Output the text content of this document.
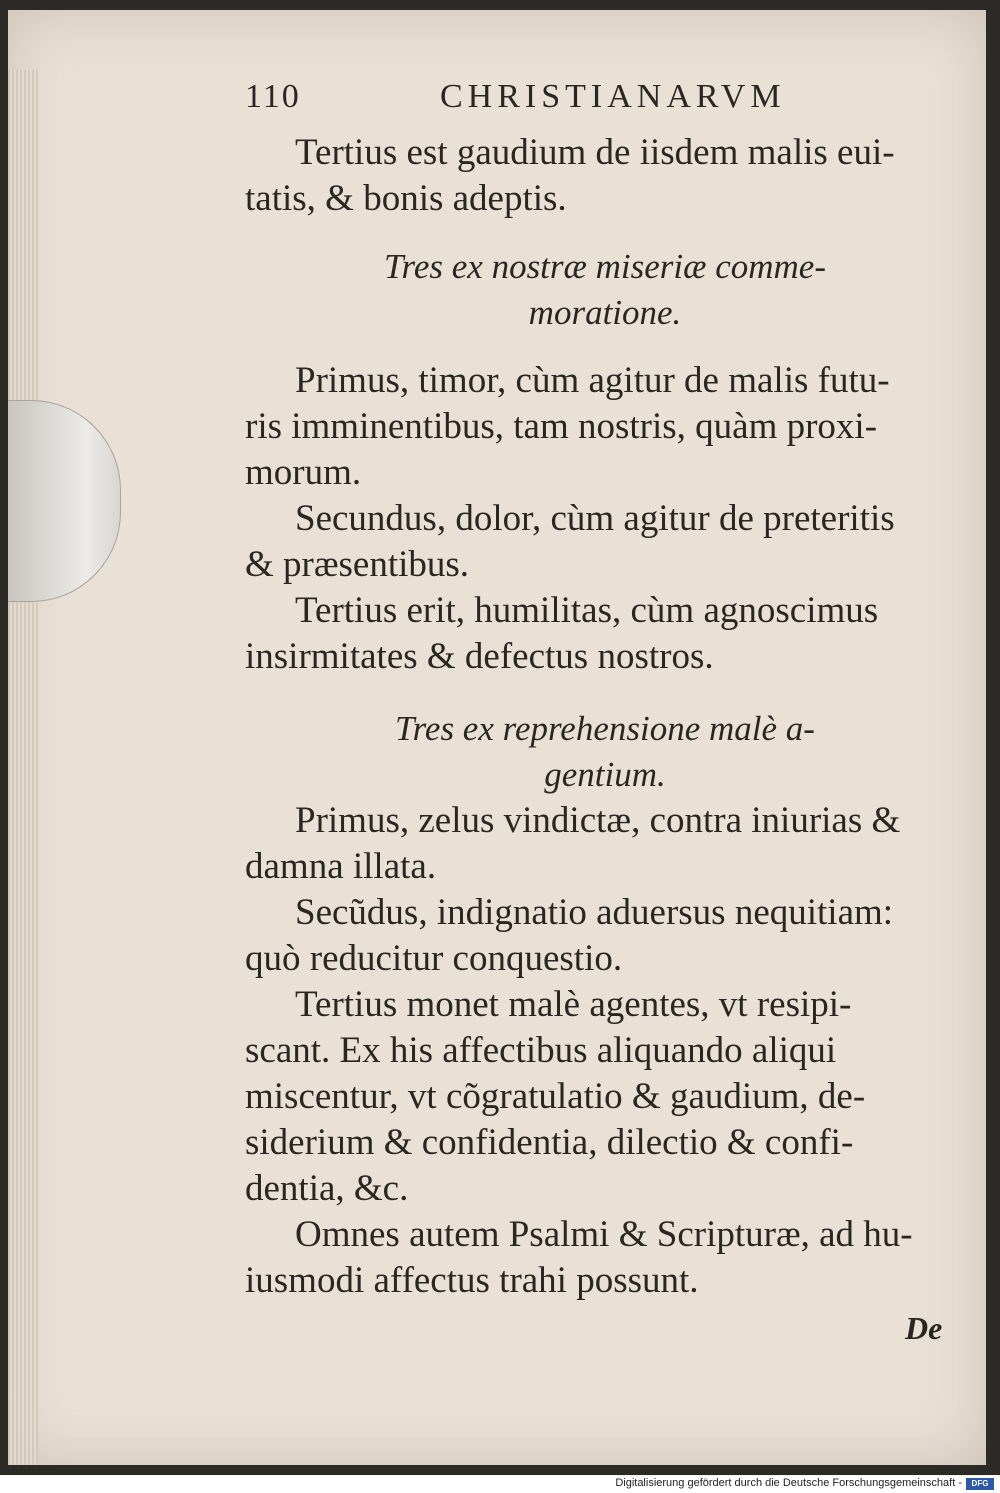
110	CHRISTIANARVM

Tertius est gaudium de iisdem malis eui-
tatis, & bonis adeptis.

Tres ex nostræ miseriæ comme-
moratione.

Primus, timor, cùm agitur de malis futu-
ris imminentibus, tam nostris, quàm proxi-
morum.

Secundus, dolor, cùm agitur de preteritis
& præsentibus.

Tertius erit, humilitas, cùm agnoscimus
insirmitates & defectus nostros.

Tres ex reprehensione malè a-
gentium.

Primus, zelus vindictæ, contra iniurias &
damna illata.

Secũdus, indignatio aduersus nequitiam:
quò reducitur conquestio.

Tertius monet malè agentes, vt resipi-
scant. Ex his affectibus aliquando aliqui
miscentur, vt cõgratulatio & gaudium, de-
siderium & confidentia, dilectio & confi-
dentia, &c.

Omnes autem Psalmi & Scripturæ, ad hu-
iusmodi affectus trahi possunt.

De
Digitalisierung gefördert durch die Deutsche Forschungsgemeinschaft -	DFG
